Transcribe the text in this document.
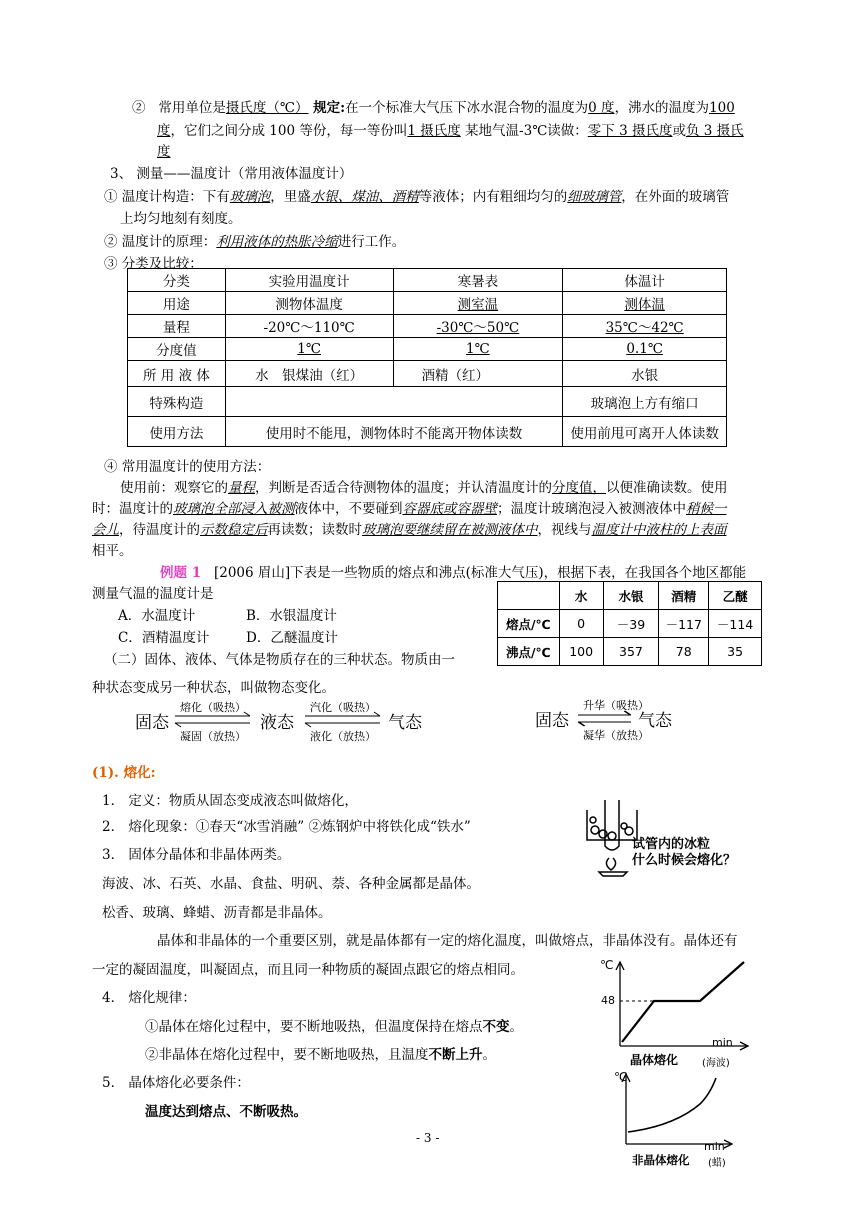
② 常用单位是摄氏度（℃） 规定:在一个标准大气压下冰水混合物的温度为0 度，沸水的温度为100
度，它们之间分成 100 等份，每一等份叫1 摄氏度 某地气温-3℃读做：零下 3 摄氏度或负 3 摄氏
度
3、 测量——温度计（常用液体温度计）
① 温度计构造：下有玻璃泡，里盛水银、煤油、酒精等液体；内有粗细均匀的细玻璃管，在外面的玻璃管
上均匀地刻有刻度。
② 温度计的原理：利用液体的热胀冷缩进行工作。
③ 分类及比较：
分类	实验用温度计	寒暑表	体温计
用途	测物体温度	测室温	测体温
量程	-20℃～110℃	-30℃～50℃	35℃～42℃
分度值	1℃	1℃	0.1℃
所 用 液 体	水　银煤油（红）	酒精（红）	水银
特殊构造			玻璃泡上方有缩口
使用方法	使用时不能甩，测物体时不能离开物体读数		使用前甩可离开人体读数
④ 常用温度计的使用方法：
使用前：观察它的量程，判断是否适合待测物体的温度；并认清温度计的分度值，以便准确读数。使用
时：温度计的玻璃泡全部浸入被测液体中，不要碰到容器底或容器壁；温度计玻璃泡浸入被测液体中稍候一
会儿，待温度计的示数稳定后再读数；读数时玻璃泡要继续留在被测液体中，视线与温度计中液柱的上表面
相平。
例题 1 [2006 眉山]下表是一些物质的熔点和沸点(标准大气压)，根据下表，在我国各个地区都能
测量气温的温度计是
A．水温度计	B．水银温度计
C．酒精温度计	D．乙醚温度计
	水	水银	酒精	乙醚
熔点/℃	0	－39	－117	－114
沸点/℃	100	357	78	35
（二）固体、液体、气体是物质存在的三种状态。物质由一
种状态变成另一种状态，叫做物态变化。
固态
熔化（吸热）
凝固（放热）
液态
汽化（吸热）
液化（放热）
气态	固态
升华（吸热）
凝华（放热）
气态
(1). 熔化:
1． 定义：物质从固态变成液态叫做熔化，
2． 熔化现象：①春天“冰雪消融” ②炼钢炉中将铁化成“铁水”
3． 固体分晶体和非晶体两类。
海波、冰、石英、水晶、食盐、明矾、萘、各种金属都是晶体。
松香、玻璃、蜂蜡、沥青都是非晶体。
晶体和非晶体的一个重要区别，就是晶体都有一定的熔化温度，叫做熔点，非晶体没有。晶体还有
一定的凝固温度，叫凝固点，而且同一种物质的凝固点跟它的熔点相同。
4． 熔化规律：
①晶体在熔化过程中，要不断地吸热，但温度保持在熔点不变。
②非晶体在熔化过程中，要不断地吸热，且温度不断上升。
5． 晶体熔化必要条件：
温度达到熔点、不断吸热。
试管内的冰粒
什么时候会熔化？
℃
48
min
晶体熔化 (海波)
℃
min
非晶体熔化 (蜡)
- 3 -
